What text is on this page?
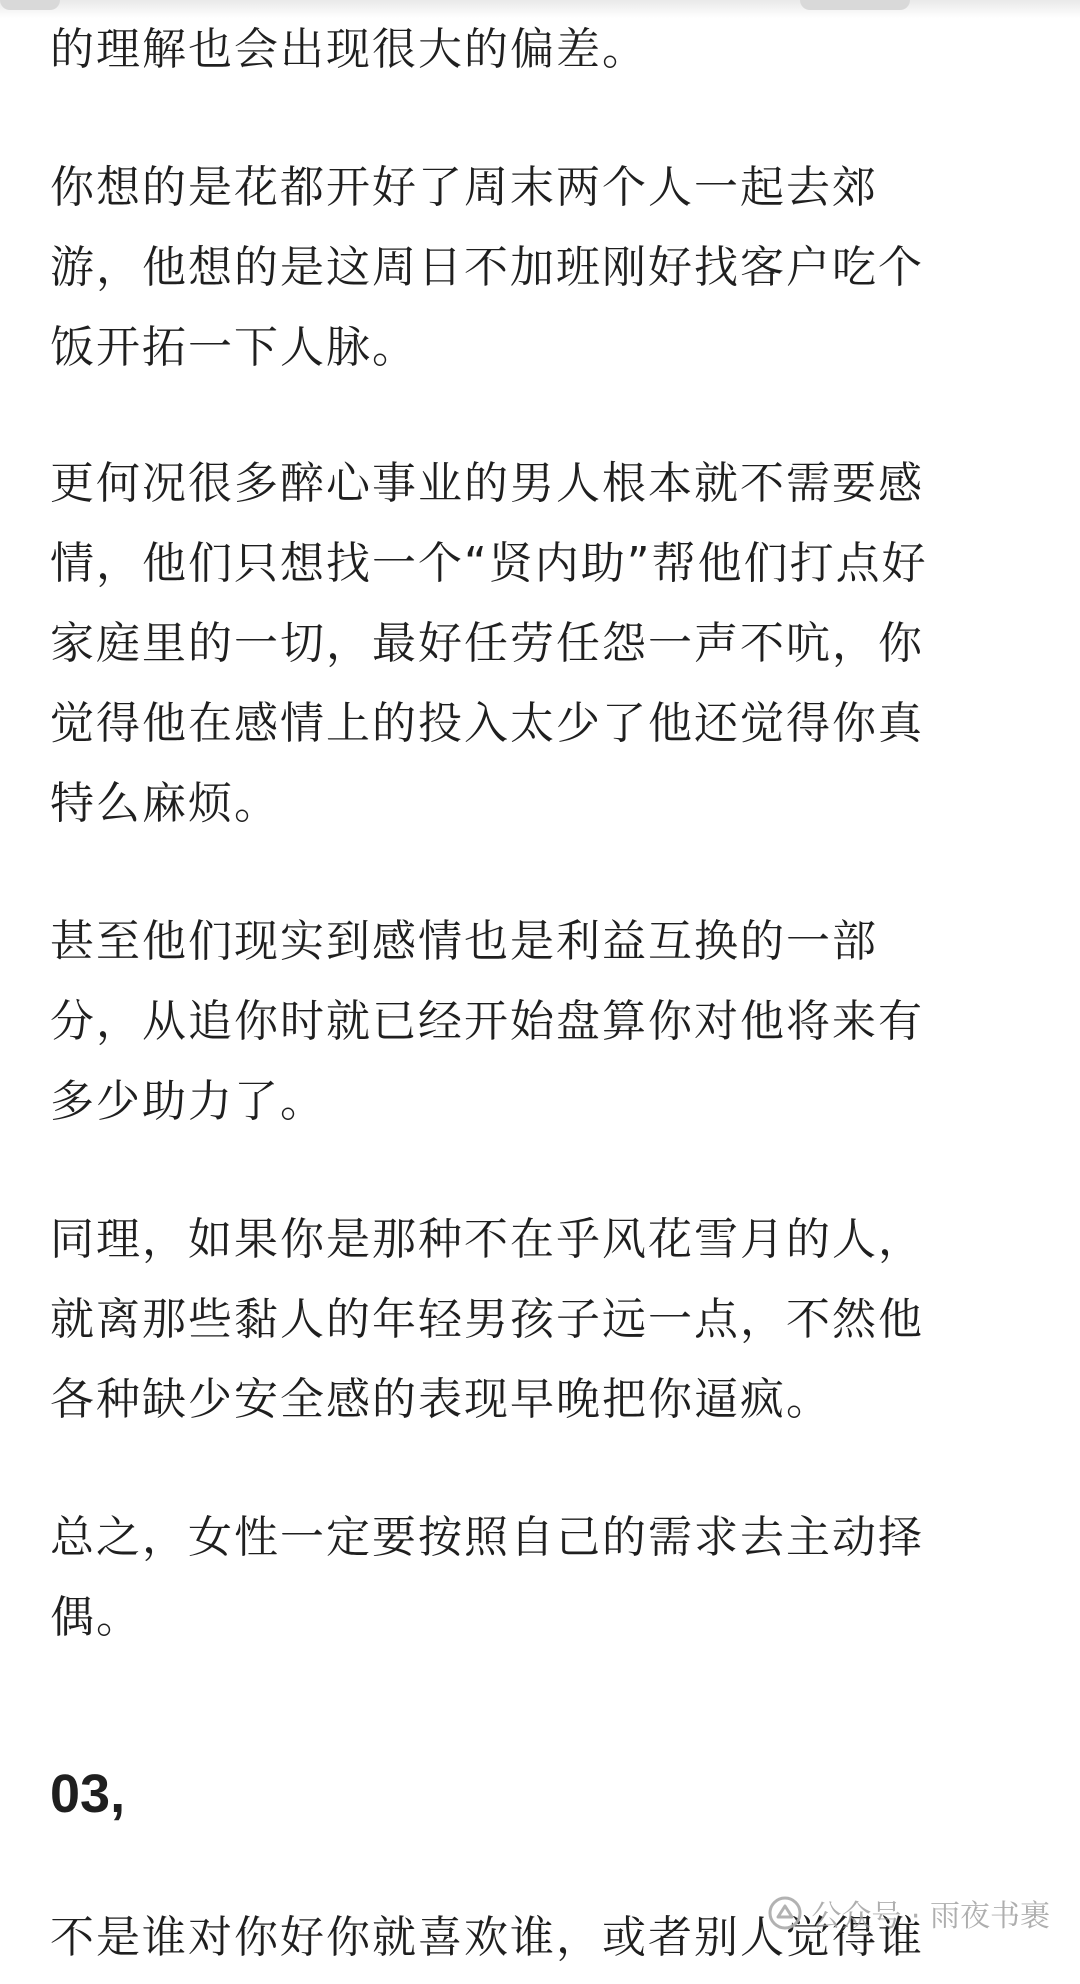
的理解也会出现很大的偏差。
你想的是花都开好了周末两个人一起去郊
游，他想的是这周日不加班刚好找客户吃个
饭开拓一下人脉。
更何况很多醉心事业的男人根本就不需要感
情，他们只想找一个“贤内助”帮他们打点好
家庭里的一切，最好任劳任怨一声不吭，你
觉得他在感情上的投入太少了他还觉得你真
特么麻烦。
甚至他们现实到感情也是利益互换的一部
分，从追你时就已经开始盘算你对他将来有
多少助力了。
同理，如果你是那种不在乎风花雪月的人，
就离那些黏人的年轻男孩子远一点，不然他
各种缺少安全感的表现早晚把你逼疯。
总之，女性一定要按照自己的需求去主动择
偶。
03,
不是谁对你好你就喜欢谁，或者别人觉得谁
公众号 · 雨夜书裹
